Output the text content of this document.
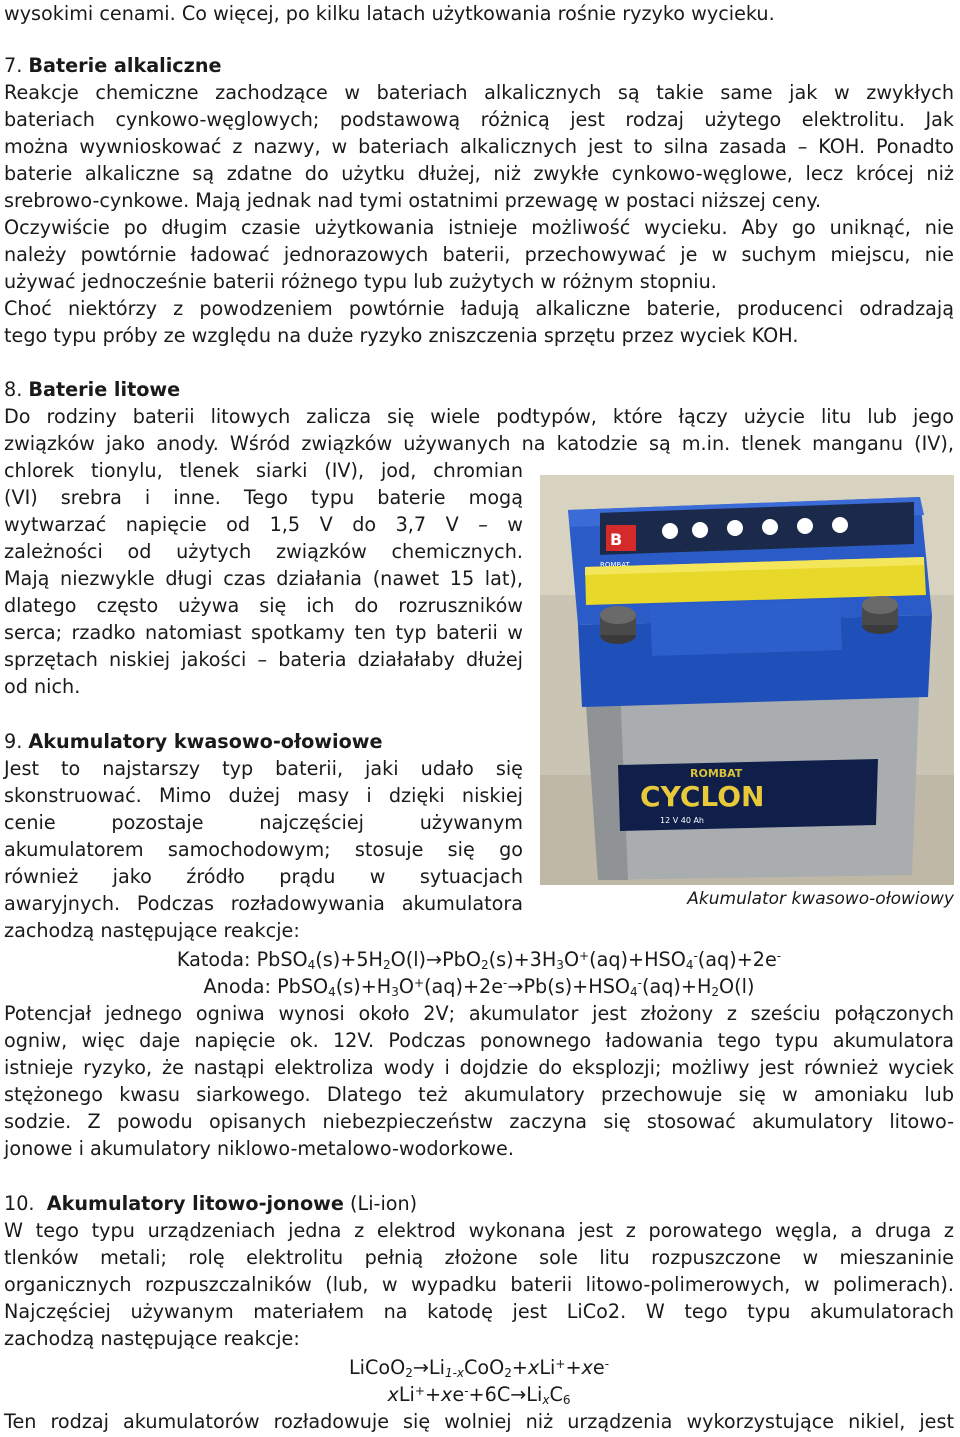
wysokimi cenami. Co więcej, po kilku latach użytkowania rośnie ryzyko wycieku.
7. Baterie alkaliczne
Reakcje chemiczne zachodzące w bateriach alkalicznych są takie same jak w zwykłych
bateriach cynkowo-węglowych; podstawową różnicą jest rodzaj użytego elektrolitu. Jak
można wywnioskować z nazwy, w bateriach alkalicznych jest to silna zasada – KOH. Ponadto
baterie alkaliczne są zdatne do użytku dłużej, niż zwykłe cynkowo-węglowe, lecz krócej niż
srebrowo-cynkowe. Mają jednak nad tymi ostatnimi przewagę w postaci niższej ceny.
Oczywiście po długim czasie użytkowania istnieje możliwość wycieku. Aby go uniknąć, nie
należy powtórnie ładować jednorazowych baterii, przechowywać je w suchym miejscu, nie
używać jednocześnie baterii różnego typu lub zużytych w różnym stopniu.
Choć niektórzy z powodzeniem powtórnie ładują alkaliczne baterie, producenci odradzają
tego typu próby ze względu na duże ryzyko zniszczenia sprzętu przez wyciek KOH.
8. Baterie litowe
Do rodziny baterii litowych zalicza się wiele podtypów, które łączy użycie litu lub jego
związków jako anody. Wśród związków używanych na katodzie są m.in. tlenek manganu (IV),
chlorek tionylu, tlenek siarki (IV), jod, chromian
(VI) srebra i inne. Tego typu baterie mogą
wytwarzać napięcie od 1,5 V do 3,7 V – w
zależności od użytych związków chemicznych.
Mają niezwykle długi czas działania (nawet 15 lat),
dlatego często używa się ich do rozruszników
serca; rzadko natomiast spotkamy ten typ baterii w
sprzętach niskiej jakości – bateria działałaby dłużej
od nich.
9. Akumulatory kwasowo-ołowiowe
Jest to najstarszy typ baterii, jaki udało się
skonstruować. Mimo dużej masy i dzięki niskiej
cenie pozostaje najczęściej używanym
akumulatorem samochodowym; stosuje się go
również jako źródło prądu w sytuacjach
awaryjnych. Podczas rozładowywania akumulatora
zachodzą następujące reakcje:
Katoda: $PbSO_4(s)+5H_2O(l)\to PbO_2(s)+3H_3O^+(aq)+HSO_4^-(aq)+2e^-$
Anoda: $PbSO_4(s)+H_3O^+(aq)+2e^-\to Pb(s)+HSO_4^-(aq)+H_2O(l)$
Potencjał jednego ogniwa wynosi około 2V; akumulator jest złożony z sześciu połączonych
ogniw, więc daje napięcie ok. 12V. Podczas ponownego ładowania tego typu akumulatora
istnieje ryzyko, że nastąpi elektroliza wody i dojdzie do eksplozji; możliwy jest również wyciek
stężonego kwasu siarkowego. Dlatego też akumulatory przechowuje się w amoniaku lub
sodzie. Z powodu opisanych niebezpieczeństw zaczyna się stosować akumulatory litowo-
jonowe i akumulatory niklowo-metalowo-wodorkowe.
10. Akumulatory litowo-jonowe (Li-ion)
W tego typu urządzeniach jedna z elektrod wykonana jest z porowatego węgla, a druga z
tlenków metali; rolę elektrolitu pełnią złożone sole litu rozpuszczone w mieszaninie
organicznych rozpuszczalników (lub, w wypadku baterii litowo-polimerowych, w polimerach).
Najczęściej używanym materiałem na katodę jest LiCo2. W tego typu akumulatorach
zachodzą następujące reakcje:
$LiCoO_2\to Li_{1-x}CoO_2+xLi^++xe^-$
$xLi^++xe^-+6C\to Li_xC_6$
Ten rodzaj akumulatorów rozładowuje się wolniej niż urządzenia wykorzystujące nikiel, jest
B
ROMBAT
ROMBAT
CYCLON
12 V 40 Ah
Akumulator kwasowo-ołowiowy
